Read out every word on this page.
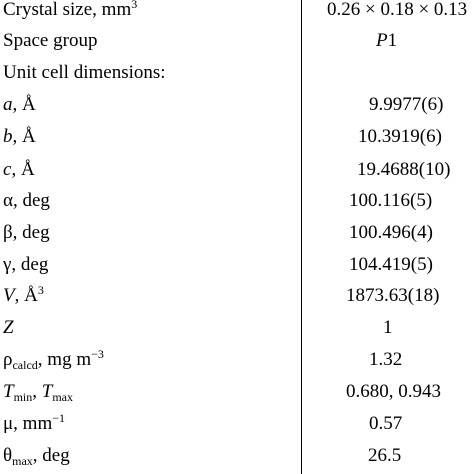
Crystal size, $mm^3$	0.26 × 0.18 × 0.13
Space group	P1
Unit cell dimensions:
a, Å	9.9977(6)
b, Å	10.3919(6)
c, Å	19.4688(10)
α, deg	100.116(5)
β, deg	100.496(4)
γ, deg	104.419(5)
V, $Å^3$	1873.63(18)
Z	1
$\rho_{calcd}$, mg $m^{-3}$	1.32
$T_{min}$, $T_{max}$	0.680, 0.943
μ, $mm^{-1}$	0.57
$\theta_{max}$, deg	26.5
